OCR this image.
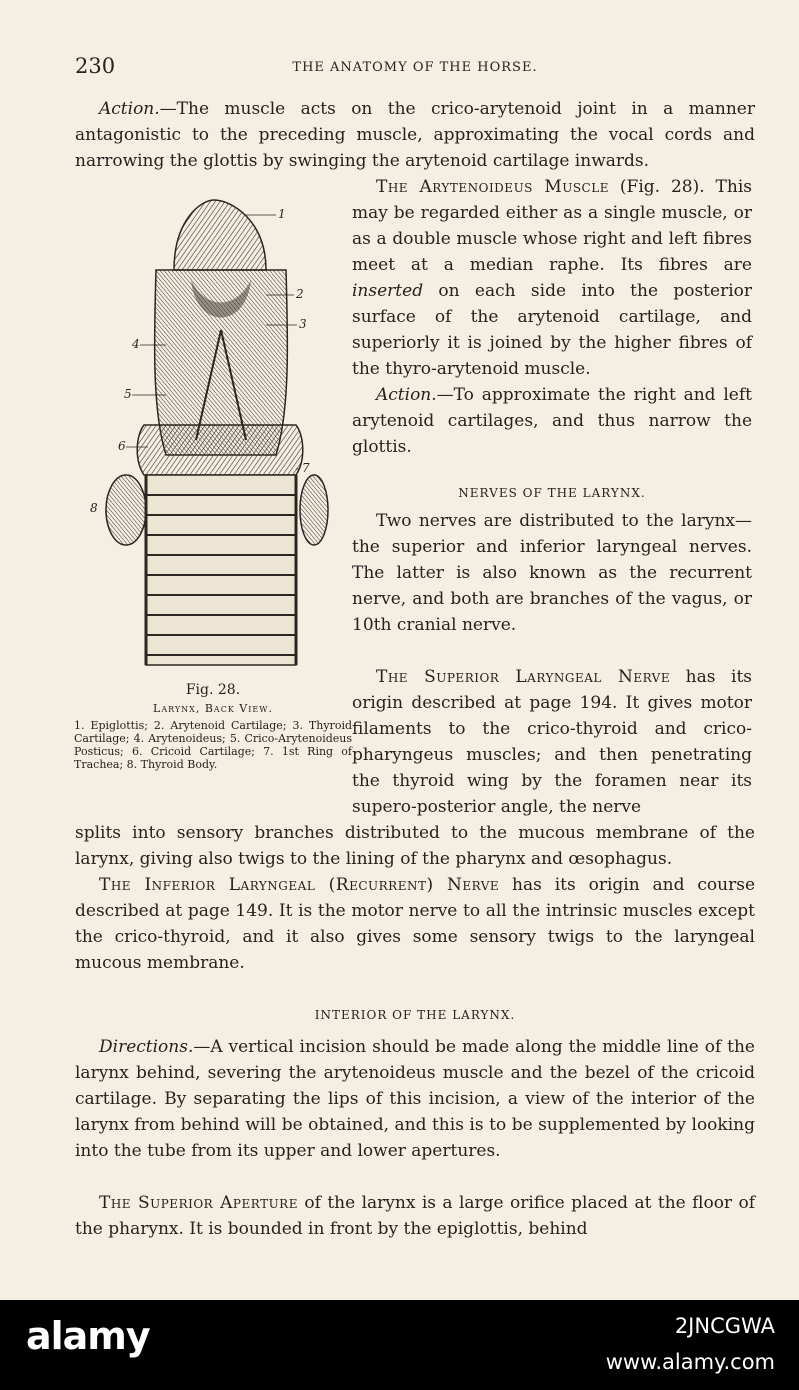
230	THE ANATOMY OF THE HORSE.

Action.—The muscle acts on the crico-arytenoid joint in a manner antagonistic to the preceding muscle, approximating the vocal cords and narrowing the glottis by swinging the arytenoid cartilage inwards.

The Arytenoideus Muscle (Fig. 28). This may be regarded either as a single muscle, or as a double muscle whose right and left fibres meet at a median raphe. Its fibres are inserted on each side into the posterior surface of the arytenoid cartilage, and superiorly it is joined by the higher fibres of the thyro-arytenoid muscle.

Action.—To approximate the right and left arytenoid cartilages, and thus narrow the glottis.

NERVES OF THE LARYNX.

Two nerves are distributed to the larynx—the superior and inferior laryngeal nerves. The latter is also known as the recurrent nerve, and both are branches of the vagus, or 10th cranial nerve.

The Superior Laryngeal Nerve has its origin described at page 194. It gives motor filaments to the crico-thyroid and crico-pharyngeus muscles; and then penetrating the thyroid wing by the foramen near its supero-posterior angle, the nerve

splits into sensory branches distributed to the mucous membrane of the larynx, giving also twigs to the lining of the pharynx and œsophagus.

The Inferior Laryngeal (Recurrent) Nerve has its origin and course described at page 149. It is the motor nerve to all the intrinsic muscles except the crico-thyroid, and it also gives some sensory twigs to the laryngeal mucous membrane.

INTERIOR OF THE LARYNX.

Directions.—A vertical incision should be made along the middle line of the larynx behind, severing the arytenoideus muscle and the bezel of the cricoid cartilage. By separating the lips of this incision, a view of the interior of the larynx from behind will be obtained, and this is to be supplemented by looking into the tube from its upper and lower apertures.

The Superior Aperture of the larynx is a large orifice placed at the floor of the pharynx. It is bounded in front by the epiglottis, behind

1
2
3
4
5
6
7
8
Fig. 28.
Larynx, Back View.
1. Epiglottis; 2. Arytenoid Cartilage; 3. Thyroid Cartilage; 4. Arytenoideus; 5. Crico-Arytenoideus Posticus; 6. Cricoid Cartilage; 7. 1st Ring of Trachea; 8. Thyroid Body.
alamy	2JNCGWA
www.alamy.com
